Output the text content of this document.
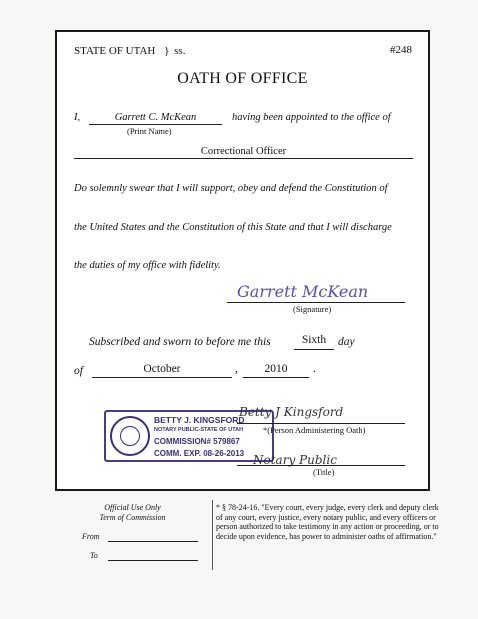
STATE OF UTAH } ss.	#248
OATH OF OFFICE
I,	Garrett C. McKean
(Print Name)
having been appointed to the office of
Correctional Officer
Do solemnly swear that I will support, obey and defend the Constitution of
the United States and the Constitution of this State and that I will discharge
the duties of my office with fidelity.
Garrett McKean
(Signature)
Subscribed and sworn to before me this	Sixth	day
of	October	,	2010	.
BETTY J. KINGSFORD
NOTARY PUBLIC-STATE OF UTAH
COMMISSION# 579867
COMM. EXP. 08-26-2013
Betty J Kingsford
*(Person Administering Oath)
Notary Public
(Title)
Official Use Only
Term of Commission
From
To
* § 78-24-16. "Every court, every judge, every clerk and deputy clerk of any court, every justice, every notary public, and every officers or person authorized to take testimony in any action or proceeding, or to decide upon evidence, has power to administer oaths of affirmation."
